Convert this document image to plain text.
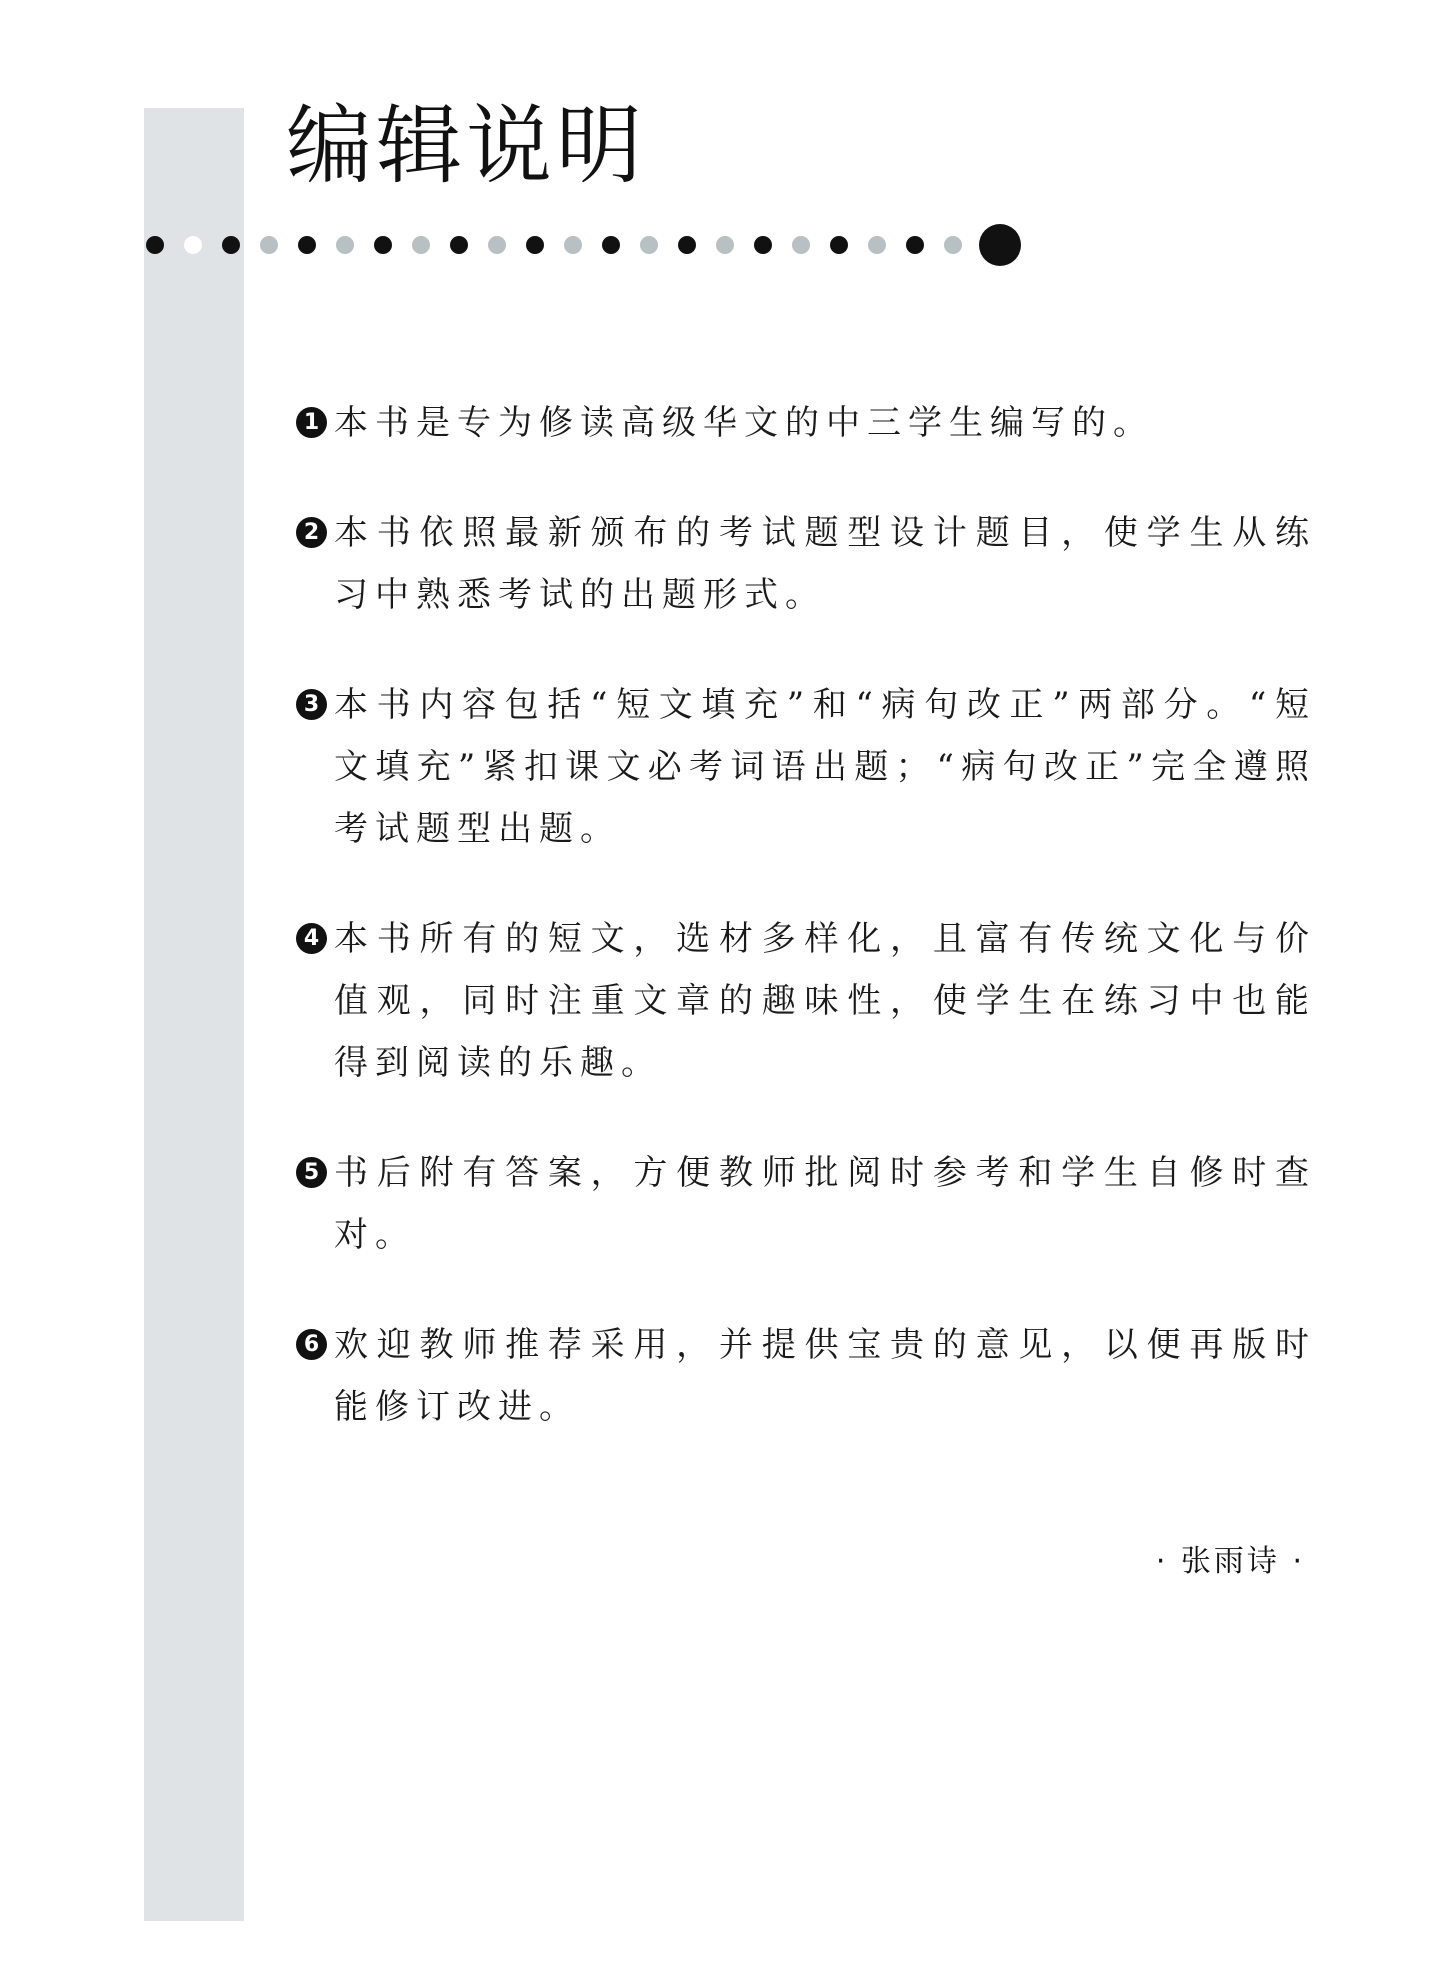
编辑说明

1 本书是专为修读高级华文的中三学生编写的。

2 本书依照最新颁布的考试题型设计题目，使学生从练习中熟悉考试的出题形式。

3 本书内容包括“短文填充”和“病句改正”两部分。“短文填充”紧扣课文必考词语出题；“病句改正”完全遵照考试题型出题。

4 本书所有的短文，选材多样化，且富有传统文化与价值观，同时注重文章的趣味性，使学生在练习中也能得到阅读的乐趣。

5 书后附有答案，方便教师批阅时参考和学生自修时查对。

6 欢迎教师推荐采用，并提供宝贵的意见，以便再版时能修订改进。

· 张雨诗 ·
